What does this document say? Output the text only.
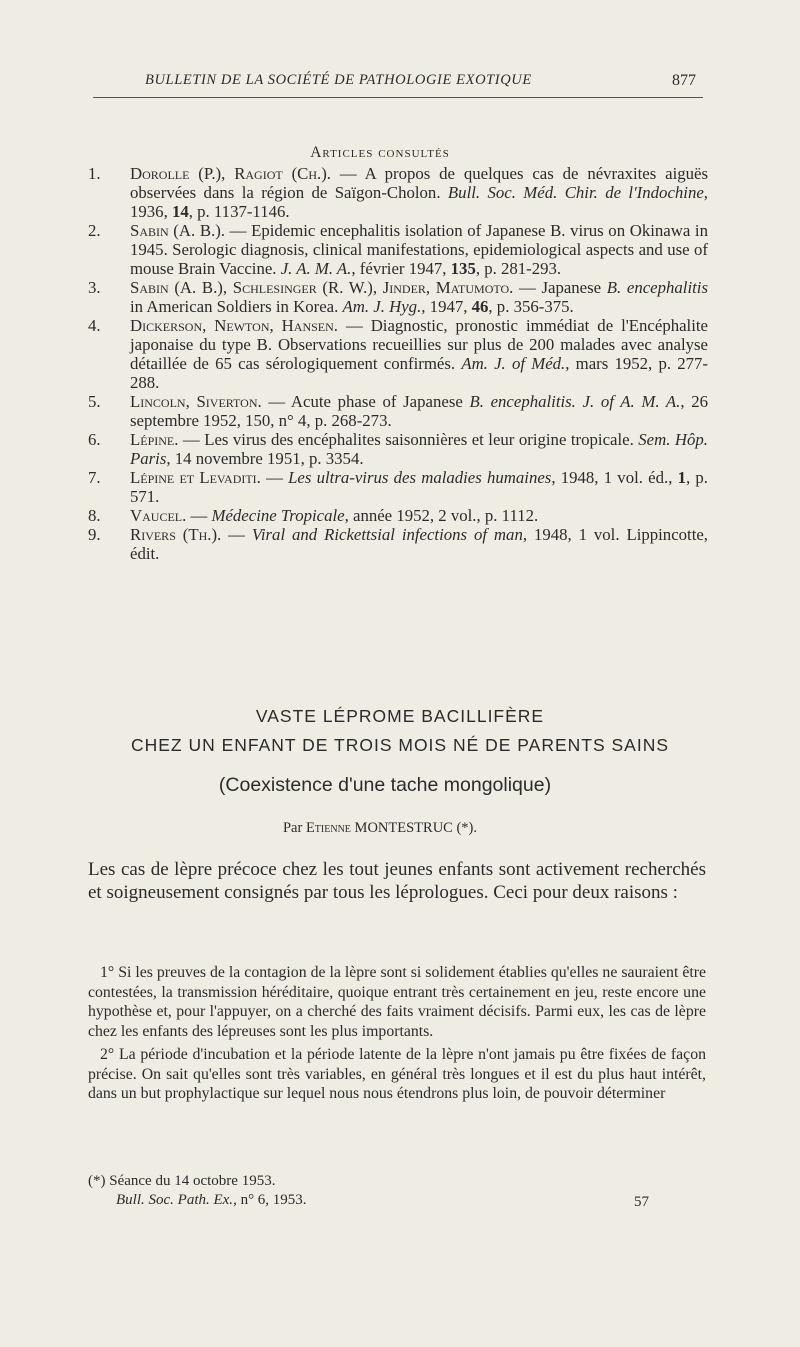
BULLETIN DE LA SOCIÉTÉ DE PATHOLOGIE EXOTIQUE	877
Articles consultés
1. Dorolle (P.), Ragiot (Ch.). — A propos de quelques cas de névraxites aiguës observées dans la région de Saïgon-Cholon. Bull. Soc. Méd. Chir. de l'Indochine, 1936, 14, p. 1137-1146.
2. Sabin (A. B.). — Epidemic encephalitis isolation of Japanese B. virus on Okinawa in 1945. Serologic diagnosis, clinical manifestations, epidemiological aspects and use of mouse Brain Vaccine. J. A. M. A., février 1947, 135, p. 281-293.
3. Sabin (A. B.), Schlesinger (R. W.), Jinder, Matumoto. — Japanese B. encephalitis in American Soldiers in Korea. Am. J. Hyg., 1947, 46, p. 356-375.
4. Dickerson, Newton, Hansen. — Diagnostic, pronostic immédiat de l'Encéphalite japonaise du type B. Observations recueillies sur plus de 200 malades avec analyse détaillée de 65 cas sérologiquement confirmés. Am. J. of Méd., mars 1952, p. 277-288.
5. Lincoln, Siverton. — Acute phase of Japanese B. encephalitis. J. of A. M. A., 26 septembre 1952, 150, n° 4, p. 268-273.
6. Lépine. — Les virus des encéphalites saisonnières et leur origine tropicale. Sem. Hôp. Paris, 14 novembre 1951, p. 3354.
7. Lépine et Levaditi. — Les ultra-virus des maladies humaines, 1948, 1 vol. éd., 1, p. 571.
8. Vaucel. — Médecine Tropicale, année 1952, 2 vol., p. 1112.
9. Rivers (Th.). — Viral and Rickettsial infections of man, 1948, 1 vol. Lippincotte, édit.
VASTE LÉPROME BACILLIFÈRE
CHEZ UN ENFANT DE TROIS MOIS NÉ DE PARENTS SAINS
(Coexistence d'une tache mongolique)
Par Etienne MONTESTRUC (*).

Les cas de lèpre précoce chez les tout jeunes enfants sont activement recherchés et soigneusement consignés par tous les léprologues. Ceci pour deux raisons :

1° Si les preuves de la contagion de la lèpre sont si solidement établies qu'elles ne sauraient être contestées, la transmission héréditaire, quoique entrant très certainement en jeu, reste encore une hypothèse et, pour l'appuyer, on a cherché des faits vraiment décisifs. Parmi eux, les cas de lèpre chez les enfants des lépreuses sont les plus importants.

2° La période d'incubation et la période latente de la lèpre n'ont jamais pu être fixées de façon précise. On sait qu'elles sont très variables, en général très longues et il est du plus haut intérêt, dans un but prophylactique sur lequel nous nous étendrons plus loin, de pouvoir déterminer

(*) Séance du 14 octobre 1953.
Bull. Soc. Path. Ex., n° 6, 1953.	57
